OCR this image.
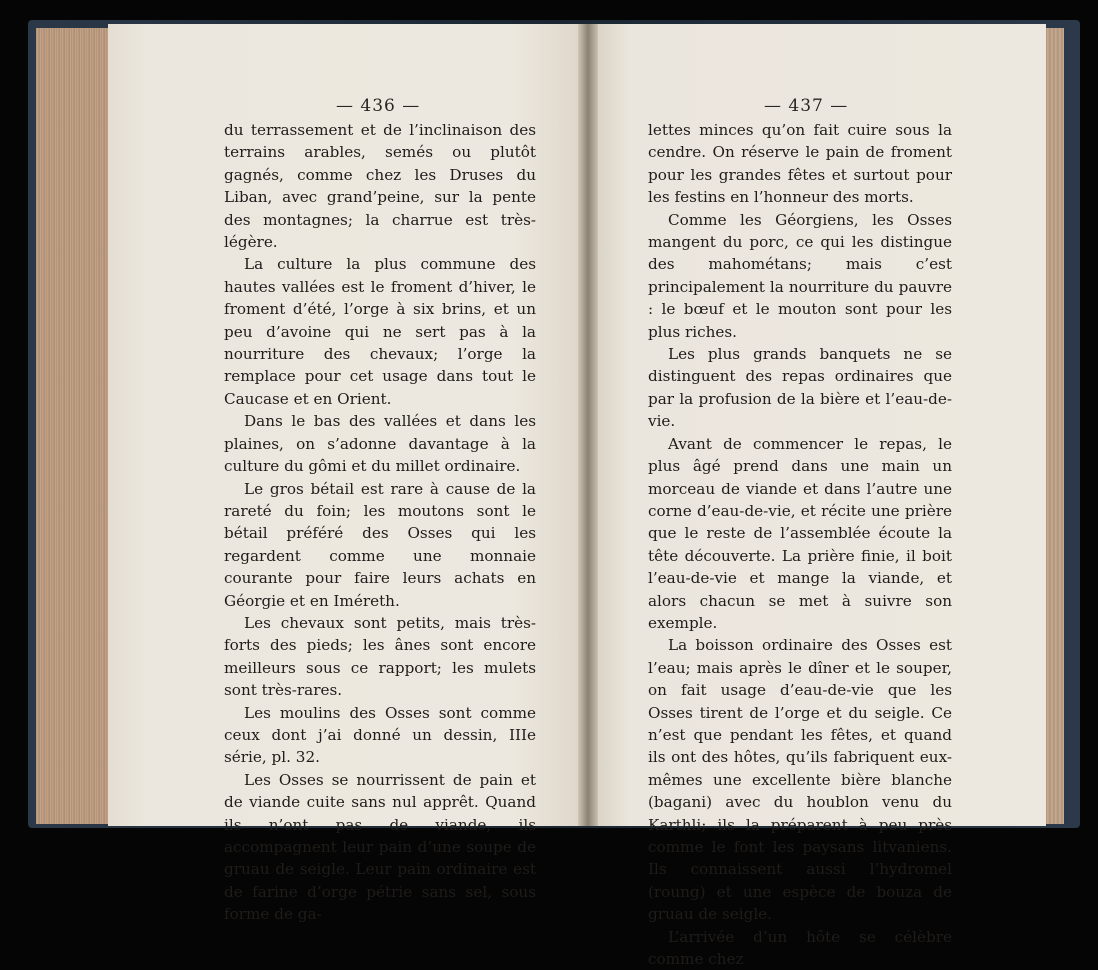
— 436 —	— 437 —

du terrassement et de l’inclinaison des terrains arables, semés ou plutôt gagnés, comme chez les Druses du Liban, avec grand’peine, sur la pente des montagnes; la charrue est très-légère.

La culture la plus commune des hautes vallées est le froment d’hiver, le froment d’été, l’orge à six brins, et un peu d’avoine qui ne sert pas à la nourriture des chevaux; l’orge la remplace pour cet usage dans tout le Caucase et en Orient.

Dans le bas des vallées et dans les plaines, on s’adonne davantage à la culture du gômi et du millet ordinaire.

Le gros bétail est rare à cause de la rareté du foin; les moutons sont le bétail préféré des Osses qui les regardent comme une monnaie courante pour faire leurs achats en Géorgie et en Iméreth.

Les chevaux sont petits, mais très-forts des pieds; les ânes sont encore meilleurs sous ce rapport; les mulets sont très-rares.

Les moulins des Osses sont comme ceux dont j’ai donné un dessin, IIIe série, pl. 32.

Les Osses se nourrissent de pain et de viande cuite sans nul apprêt. Quand ils n’ont pas de viande, ils accompagnent leur pain d’une soupe de gruau de seigle. Leur pain ordinaire est de farine d’orge pétrie sans sel, sous forme de ga-

lettes minces qu’on fait cuire sous la cendre. On réserve le pain de froment pour les grandes fêtes et surtout pour les festins en l’honneur des morts.

Comme les Géorgiens, les Osses mangent du porc, ce qui les distingue des mahométans; mais c’est principalement la nourriture du pauvre : le bœuf et le mouton sont pour les plus riches.

Les plus grands banquets ne se distinguent des repas ordinaires que par la profusion de la bière et l’eau-de-vie.

Avant de commencer le repas, le plus âgé prend dans une main un morceau de viande et dans l’autre une corne d’eau-de-vie, et récite une prière que le reste de l’assemblée écoute la tête découverte. La prière finie, il boit l’eau-de-vie et mange la viande, et alors chacun se met à suivre son exemple.

La boisson ordinaire des Osses est l’eau; mais après le dîner et le souper, on fait usage d’eau-de-vie que les Osses tirent de l’orge et du seigle. Ce n’est que pendant les fêtes, et quand ils ont des hôtes, qu’ils fabriquent eux-mêmes une excellente bière blanche (bagani) avec du houblon venu du Karthli; ils la préparent à peu près comme le font les paysans litvaniens. Ils connaissent aussi l’hydromel (roung) et une espèce de bouza de gruau de seigle.

L’arrivée d’un hôte se célèbre comme chez
